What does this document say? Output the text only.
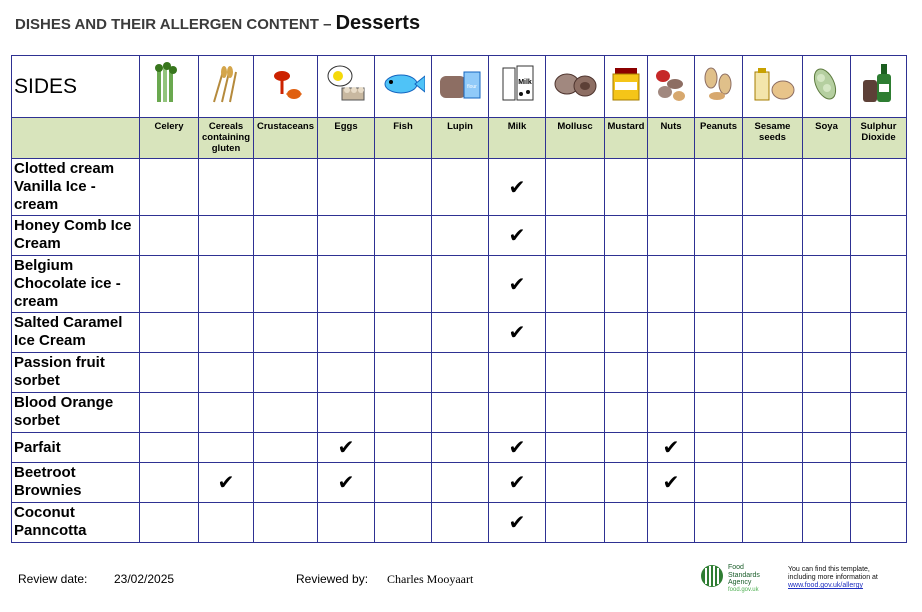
DISHES AND THEIR ALLERGEN CONTENT – Desserts
SIDES						flour	Milk

	Celery	Cereals containing gluten	Crustaceans	Eggs	Fish	Lupin	Milk	Mollusc	Mustard	Nuts	Peanuts	Sesame seeds	Soya	Sulphur Dioxide
Clotted cream Vanilla Ice - cream							✔							
Honey Comb Ice Cream							✔							
Belgium Chocolate ice - cream							✔							
Salted Caramel Ice Cream							✔							
Passion fruit sorbet														
Blood Orange sorbet														
Parfait				✔			✔			✔				
Beetroot Brownies		✔		✔			✔			✔				
Coconut Panncotta							✔							
Review date: 23/02/2025	Reviewed by: Charles Mooyaart
Food Standards Agency
food.gov.uk
You can find this template, including more information at www.food.gov.uk/allergy
